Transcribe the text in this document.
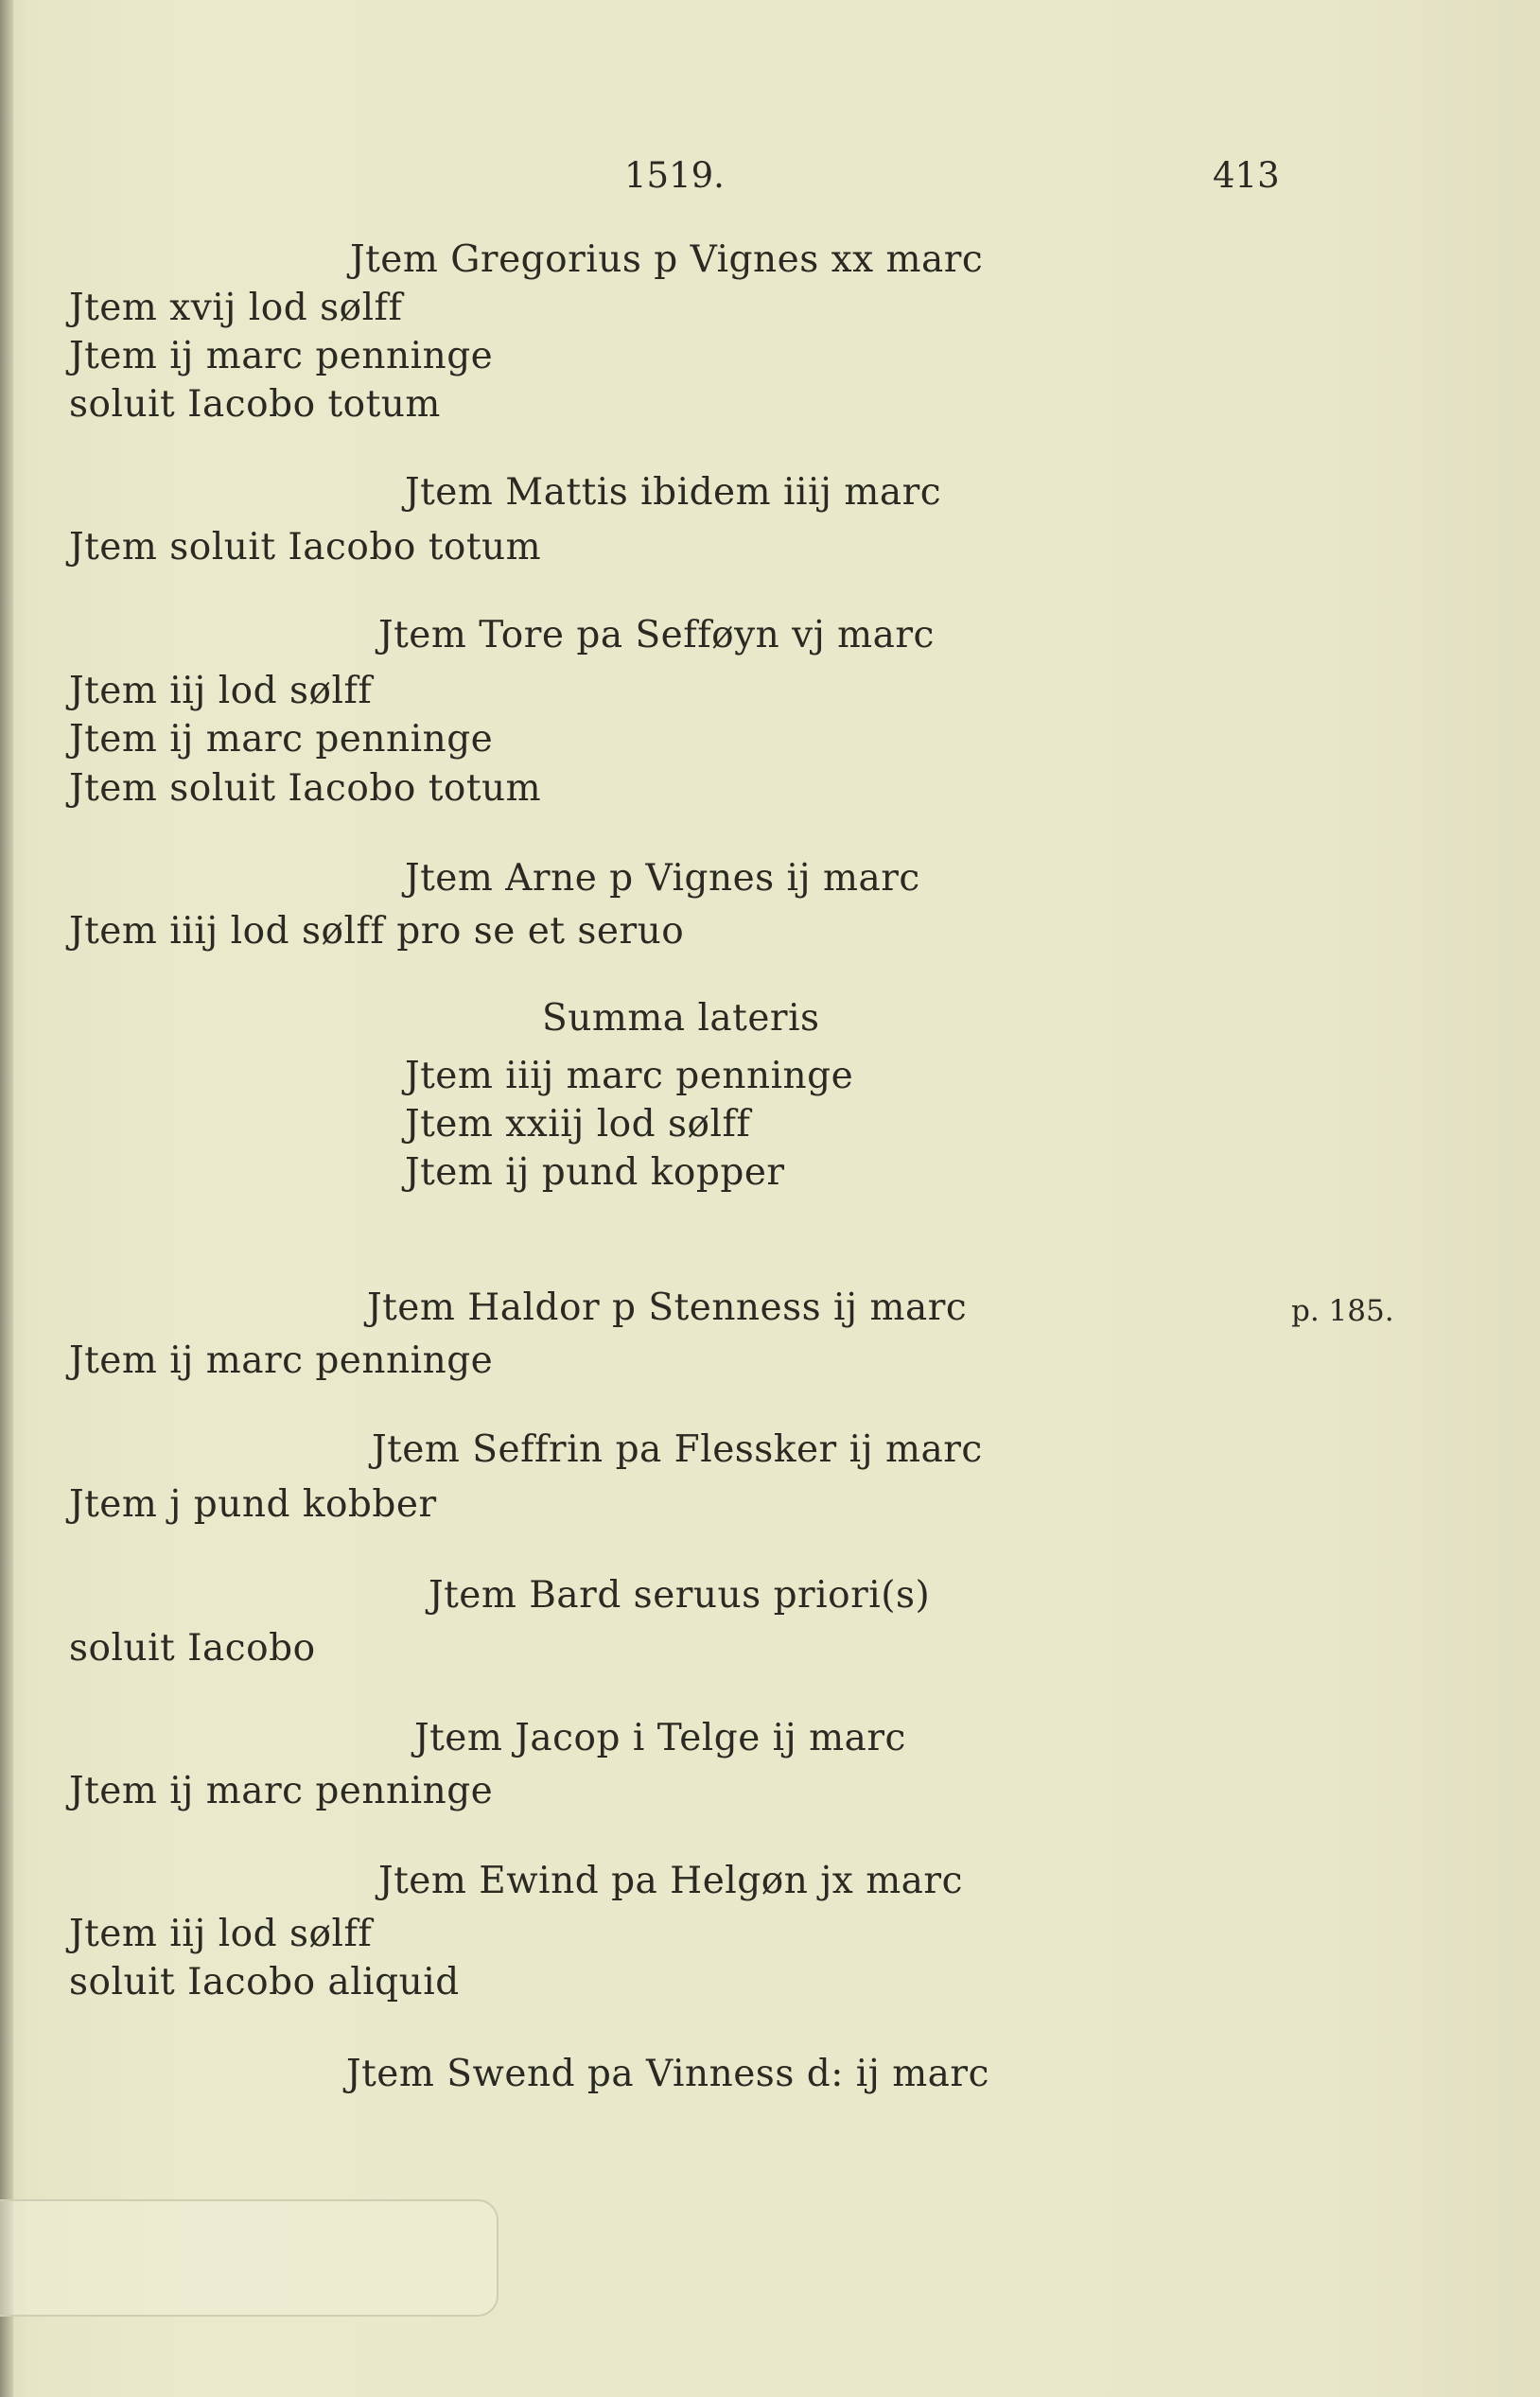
1519.	413
Jtem Gregorius p Vignes xx marc
Jtem xvij lod sølff
Jtem ij marc penninge
soluit Iacobo totum
Jtem Mattis ibidem iiij marc
Jtem soluit Iacobo totum
Jtem Tore pa Sefføyn vj marc
Jtem iij lod sølff
Jtem ij marc penninge
Jtem soluit Iacobo totum
Jtem Arne p Vignes ij marc
Jtem iiij lod sølff pro se et seruo
Summa lateris
Jtem iiij marc penninge
Jtem xxiij lod sølff
Jtem ij pund kopper
Jtem Haldor p Stenness ij marc	p. 185.
Jtem ij marc penninge
Jtem Seffrin pa Flessker ij marc
Jtem j pund kobber
Jtem Bard seruus priori(s)
soluit Iacobo
Jtem Jacop i Telge ij marc
Jtem ij marc penninge
Jtem Ewind pa Helgøn jx marc
Jtem iij lod sølff
soluit Iacobo aliquid
Jtem Swend pa Vinness d: ij marc
